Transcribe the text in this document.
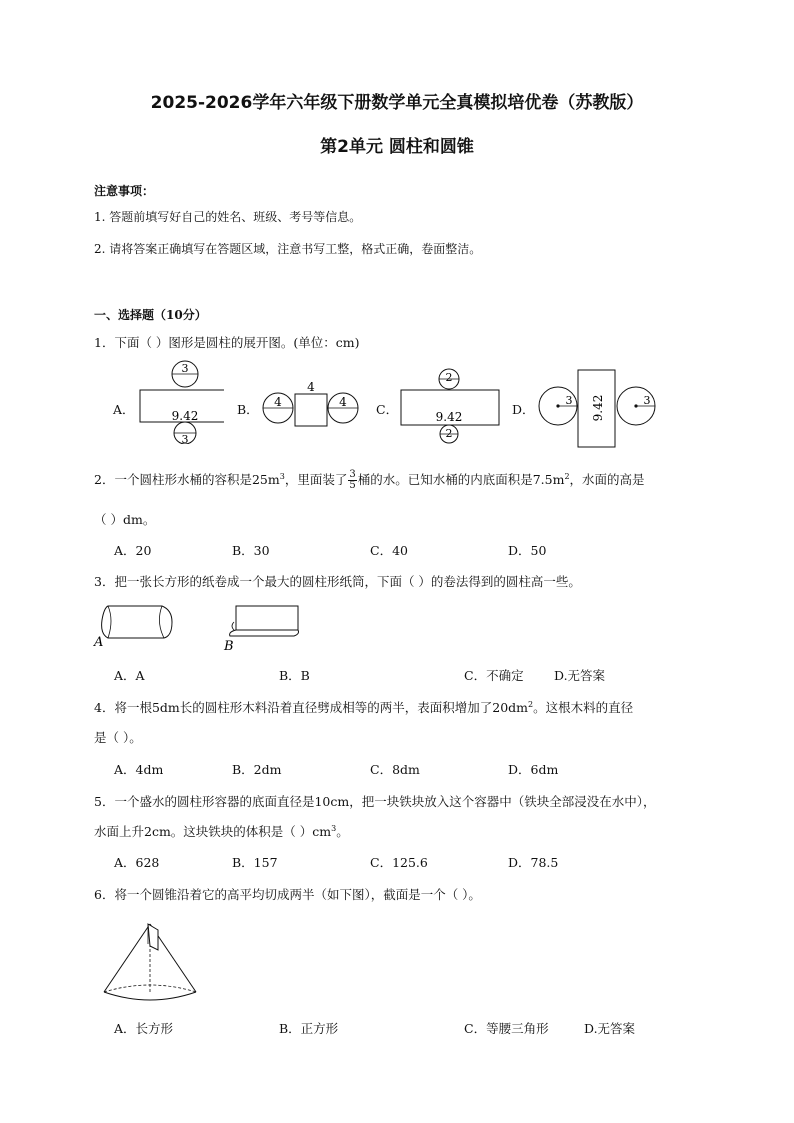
2025-2026学年六年级下册数学单元全真模拟培优卷（苏教版）
第2单元 圆柱和圆锥
注意事项：
1. 答题前填写好自己的姓名、班级、考号等信息。
2. 请将答案正确填写在答题区域，注意书写工整，格式正确，卷面整洁。
一、选择题（10分）
1．下面（ ）图形是圆柱的展开图。(单位：cm)
A．
3
9.42
3
B． 4
4
4 C．
2
9.42
2
D．
3 9.42	3
2．一个圆柱形水桶的容积是$25m^3$，里面装了 $\frac{3}{5}$ 桶的水。已知水桶的内底面积是$7.5m^2$，水面的高是
（ ）dm。
A．20	B．30	C．40	D．50
3．把一张长方形的纸卷成一个最大的圆柱形纸筒，下面（ ）的卷法得到的圆柱高一些。
A	B
A．A	B．B	C．不确定 D.无答案
4．将一根5dm长的圆柱形木料沿着直径劈成相等的两半，表面积增加了$20dm^2$。这根木料的直径
是（ ）。
A．4dm	B．2dm	C．8dm	D．6dm
5．一个盛水的圆柱形容器的底面直径是10cm，把一块铁块放入这个容器中（铁块全部浸没在水中），
水面上升2cm。这块铁块的体积是（ ）$cm^3$。
A．628	B．157	C．125.6	D．78.5
6．将一个圆锥沿着它的高平均切成两半（如下图），截面是一个（ ）。
A．长方形	B．正方形	C．等腰三角形	D.无答案
